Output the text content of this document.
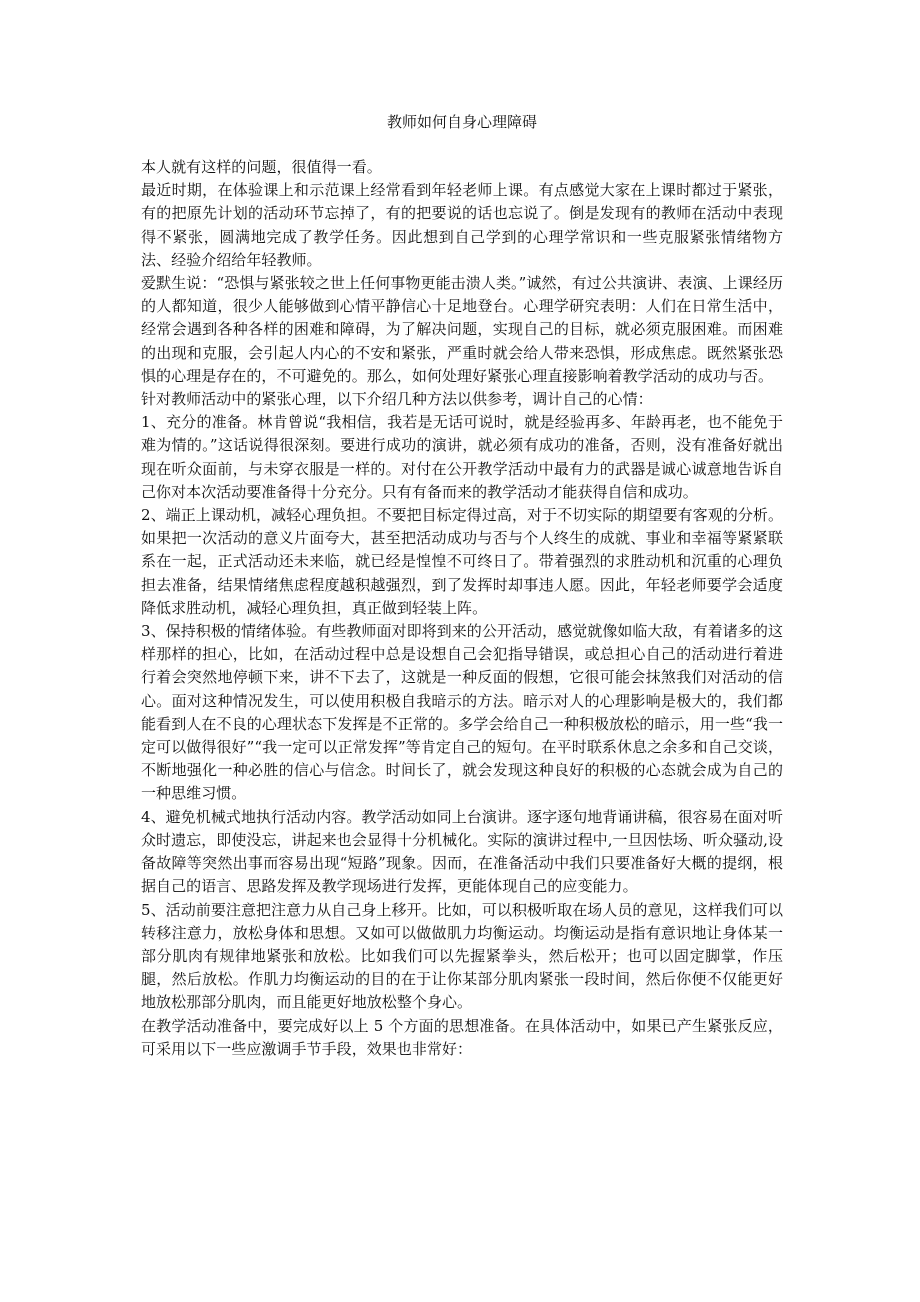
教师如何自身心理障碍

本人就有这样的问题，很值得一看。

最近时期，在体验课上和示范课上经常看到年轻老师上课。有点感觉大家在上课时都过于紧张，有的把原先计划的活动环节忘掉了，有的把要说的话也忘说了。倒是发现有的教师在活动中表现得不紧张，圆满地完成了教学任务。因此想到自己学到的心理学常识和一些克服紧张情绪物方法、经验介绍给年轻教师。

爱默生说：“恐惧与紧张较之世上任何事物更能击溃人类。”诚然，有过公共演讲、表演、上课经历的人都知道，很少人能够做到心情平静信心十足地登台。心理学研究表明：人们在日常生活中，经常会遇到各种各样的困难和障碍，为了解决问题，实现自己的目标，就必须克服困难。而困难的出现和克服，会引起人内心的不安和紧张，严重时就会给人带来恐惧，形成焦虑。既然紧张恐惧的心理是存在的，不可避免的。那么，如何处理好紧张心理直接影响着教学活动的成功与否。

针对教师活动中的紧张心理，以下介绍几种方法以供参考，调计自己的心情：

1、充分的准备。林肯曾说“我相信，我若是无话可说时，就是经验再多、年龄再老，也不能免于难为情的。”这话说得很深刻。要进行成功的演讲，就必须有成功的准备，否则，没有准备好就出现在听众面前，与未穿衣服是一样的。对付在公开教学活动中最有力的武器是诚心诚意地告诉自己你对本次活动要准备得十分充分。只有有备而来的教学活动才能获得自信和成功。

2、端正上课动机，减轻心理负担。不要把目标定得过高，对于不切实际的期望要有客观的分析。如果把一次活动的意义片面夸大，甚至把活动成功与否与个人终生的成就、事业和幸福等紧紧联系在一起，正式活动还未来临，就已经是惶惶不可终日了。带着强烈的求胜动机和沉重的心理负担去准备，结果情绪焦虑程度越积越强烈，到了发挥时却事违人愿。因此，年轻老师要学会适度降低求胜动机，减轻心理负担，真正做到轻装上阵。

3、保持积极的情绪体验。有些教师面对即将到来的公开活动，感觉就像如临大敌，有着诸多的这样那样的担心，比如，在活动过程中总是设想自己会犯指导错误，或总担心自己的活动进行着进行着会突然地停顿下来，讲不下去了，这就是一种反面的假想，它很可能会抹煞我们对活动的信心。面对这种情况发生，可以使用积极自我暗示的方法。暗示对人的心理影响是极大的，我们都能看到人在不良的心理状态下发挥是不正常的。多学会给自己一种积极放松的暗示，用一些“我一定可以做得很好”“我一定可以正常发挥”等肯定自己的短句。在平时联系休息之余多和自己交谈，不断地强化一种必胜的信心与信念。时间长了，就会发现这种良好的积极的心态就会成为自己的一种思维习惯。

4、避免机械式地执行活动内容。教学活动如同上台演讲。逐字逐句地背诵讲稿，很容易在面对听众时遗忘，即使没忘，讲起来也会显得十分机械化。实际的演讲过程中,一旦因怯场、听众骚动,设备故障等突然出事而容易出现“短路”现象。因而，在准备活动中我们只要准备好大概的提纲，根据自己的语言、思路发挥及教学现场进行发挥，更能体现自己的应变能力。

5、活动前要注意把注意力从自己身上移开。比如，可以积极听取在场人员的意见，这样我们可以转移注意力，放松身体和思想。又如可以做做肌力均衡运动。均衡运动是指有意识地让身体某一部分肌肉有规律地紧张和放松。比如我们可以先握紧拳头，然后松开；也可以固定脚掌，作压腿，然后放松。作肌力均衡运动的目的在于让你某部分肌肉紧张一段时间，然后你便不仅能更好地放松那部分肌肉，而且能更好地放松整个身心。

在教学活动准备中，要完成好以上 5 个方面的思想准备。在具体活动中，如果已产生紧张反应，可采用以下一些应激调手节手段，效果也非常好：
